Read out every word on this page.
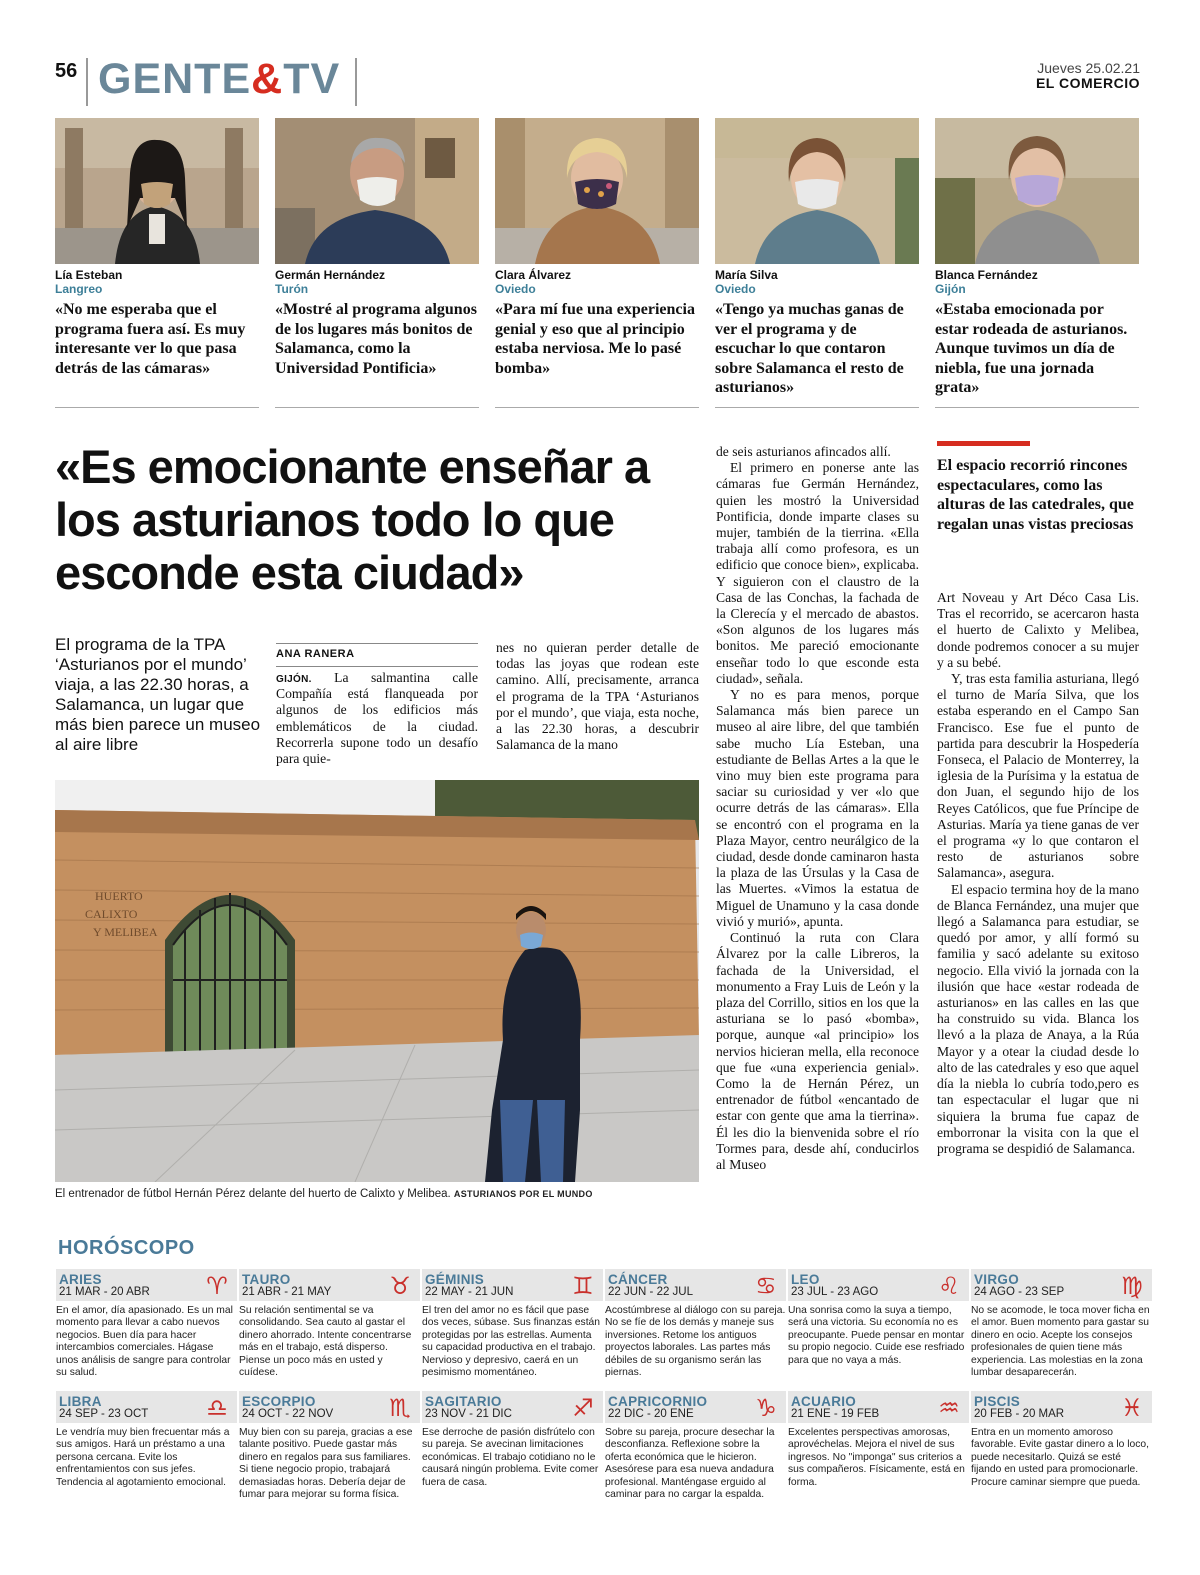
56 GENTE&TV	Jueves 25.02.21
EL COMERCIO
Lía Esteban
Langreo
«No me esperaba que el programa fuera así. Es muy interesante ver lo que pasa detrás de las cámaras»
Germán Hernández
Turón
«Mostré al programa algunos de los lugares más bonitos de Salamanca, como la Universidad Pontificia»
Clara Álvarez
Oviedo
«Para mí fue una experiencia genial y eso que al principio estaba nerviosa. Me lo pasé bomba»
María Silva
Oviedo
«Tengo ya muchas ganas de ver el programa y de escuchar lo que contaron sobre Salamanca el resto de asturianos»
Blanca Fernández
Gijón
«Estaba emocionada por estar rodeada de asturianos. Aunque tuvimos un día de niebla, fue una jornada grata»
«Es emocionante enseñar a los asturianos todo lo que esconde esta ciudad»
El programa de la TPA ‘Asturianos por el mundo’ viaja, a las 22.30 horas, a Salamanca, un lugar que más bien parece un museo al aire libre
ANA RANERA

GIJÓN. La salmantina calle Compañía está flanqueada por algunos de los edificios más emblemáticos de la ciudad. Recorrerla supone todo un desafío para quie-

nes no quieran perder detalle de todas las joyas que rodean este camino. Allí, precisamente, arranca el programa de la TPA ‘Asturianos por el mundo’, que viaja, esta noche, a las 22.30 horas, a descubrir Salamanca de la mano

de seis asturianos afincados allí.

El primero en ponerse ante las cámaras fue Germán Hernández, quien les mostró la Universidad Pontificia, donde imparte clases su mujer, también de la tierrina. «Ella trabaja allí como profesora, es un edificio que conoce bien», explicaba. Y siguieron con el claustro de la Casa de las Conchas, la fachada de la Clerecía y el mercado de abastos. «Son algunos de los lugares más bonitos. Me pareció emocionante enseñar todo lo que esconde esta ciudad», señala.

Y no es para menos, porque Salamanca más bien parece un museo al aire libre, del que también sabe mucho Lía Esteban, una estudiante de Bellas Artes a la que le vino muy bien este programa para saciar su curiosidad y ver «lo que ocurre detrás de las cámaras». Ella se encontró con el programa en la Plaza Mayor, centro neurálgico de la ciudad, desde donde caminaron hasta la plaza de las Úrsulas y la Casa de las Muertes. «Vimos la estatua de Miguel de Unamuno y la casa donde vivió y murió», apunta.

Continuó la ruta con Clara Álvarez por la calle Libreros, la fachada de la Universidad, el monumento a Fray Luis de León y la plaza del Corrillo, sitios en los que la asturiana se lo pasó «bomba», porque, aunque «al principio» los nervios hicieran mella, ella reconoce que fue «una experiencia genial». Como la de Hernán Pérez, un entrenador de fútbol «encantado de estar con gente que ama la tierrina». Él les dio la bienvenida sobre el río Tormes para, desde ahí, conducirlos al Museo

El espacio recorrió rincones espectaculares, como las alturas de las catedrales, que regalan unas vistas preciosas

Art Noveau y Art Déco Casa Lis. Tras el recorrido, se acercaron hasta el huerto de Calixto y Melibea, donde podremos conocer a su mujer y a su bebé.

Y, tras esta familia asturiana, llegó el turno de María Silva, que los estaba esperando en el Campo San Francisco. Ese fue el punto de partida para descubrir la Hospedería Fonseca, el Palacio de Monterrey, la iglesia de la Purísima y la estatua de don Juan, el segundo hijo de los Reyes Católicos, que fue Príncipe de Asturias. María ya tiene ganas de ver el programa «y lo que contaron el resto de asturianos sobre Salamanca», asegura.

El espacio termina hoy de la mano de Blanca Fernández, una mujer que llegó a Salamanca para estudiar, se quedó por amor, y allí formó su familia y sacó adelante su exitoso negocio. Ella vivió la jornada con la ilusión que hace «estar rodeada de asturianos» en las calles en las que ha construido su vida. Blanca los llevó a la plaza de Anaya, a la Rúa Mayor y a otear la ciudad desde lo alto de las catedrales y eso que aquel día la niebla lo cubría todo,pero es tan espectacular el lugar que ni siquiera la bruma fue capaz de emborronar la visita con la que el programa se despidió de Salamanca.

HUERTO
CALIXTO
Y MELIBEA
El entrenador de fútbol Hernán Pérez delante del huerto de Calixto y Melibea. ASTURIANOS POR EL MUNDO
HORÓSCOPO
ARIES
21 MAR - 20 ABR ♈
En el amor, día apasionado. Es un mal momento para llevar a cabo nuevos negocios. Buen día para hacer intercambios comerciales. Hágase unos análisis de sangre para controlar su salud.
TAURO
21 ABR - 21 MAY ♉
Su relación sentimental se va consolidando. Sea cauto al gastar el dinero ahorrado. Intente concentrarse más en el trabajo, está disperso. Piense un poco más en usted y cuídese.
GÉMINIS
22 MAY - 21 JUN ♊
El tren del amor no es fácil que pase dos veces, súbase. Sus finanzas están protegidas por las estrellas. Aumenta su capacidad productiva en el trabajo. Nervioso y depresivo, caerá en un pesimismo momentáneo.
CÁNCER
22 JUN - 22 JUL	♋
Acostúmbrese al diálogo con su pareja. No se fíe de los demás y maneje sus inversiones. Retome los antiguos proyectos laborales. Las partes más débiles de su organismo serán las piernas.
LEO
23 JUL - 23 AGO	♌
Una sonrisa como la suya a tiempo, será una victoria. Su economía no es preocupante. Puede pensar en montar su propio negocio. Cuide ese resfriado para que no vaya a más.
VIRGO
24 AGO - 23 SEP ♍
No se acomode, le toca mover ficha en el amor. Buen momento para gastar su dinero en ocio. Acepte los consejos profesionales de quien tiene más experiencia. Las molestias en la zona lumbar desaparecerán.
LIBRA
24 SEP - 23 OCT ♎
Le vendría muy bien frecuentar más a sus amigos. Hará un préstamo a una persona cercana. Evite los enfrentamientos con sus jefes. Tendencia al agotamiento emocional.
ESCORPIO
24 OCT - 22 NOV ♏
Muy bien con su pareja, gracias a ese talante positivo. Puede gastar más dinero en regalos para sus familiares. Si tiene negocio propio, trabajará demasiadas horas. Debería dejar de fumar para mejorar su forma física.
SAGITARIO
23 NOV - 21 DIC	♐
Ese derroche de pasión disfrútelo con su pareja. Se avecinan limitaciones económicas. El trabajo cotidiano no le causará ningún problema. Evite comer fuera de casa.
CAPRICORNIO
22 DIC - 20 ENE	♑
Sobre su pareja, procure desechar la desconfianza. Reflexione sobre la oferta económica que le hicieron. Asesórese para esa nueva andadura profesional. Manténgase erguido al caminar para no cargar la espalda.
ACUARIO
21 ENE - 19 FEB ♒
Excelentes perspectivas amorosas, aprovéchelas. Mejora el nivel de sus ingresos. No "imponga" sus criterios a sus compañeros. Físicamente, está en forma.
PISCIS
20 FEB - 20 MAR ♓
Entra en un momento amoroso favorable. Evite gastar dinero a lo loco, puede necesitarlo. Quizá se esté fijando en usted para promocionarle. Procure caminar siempre que pueda.
